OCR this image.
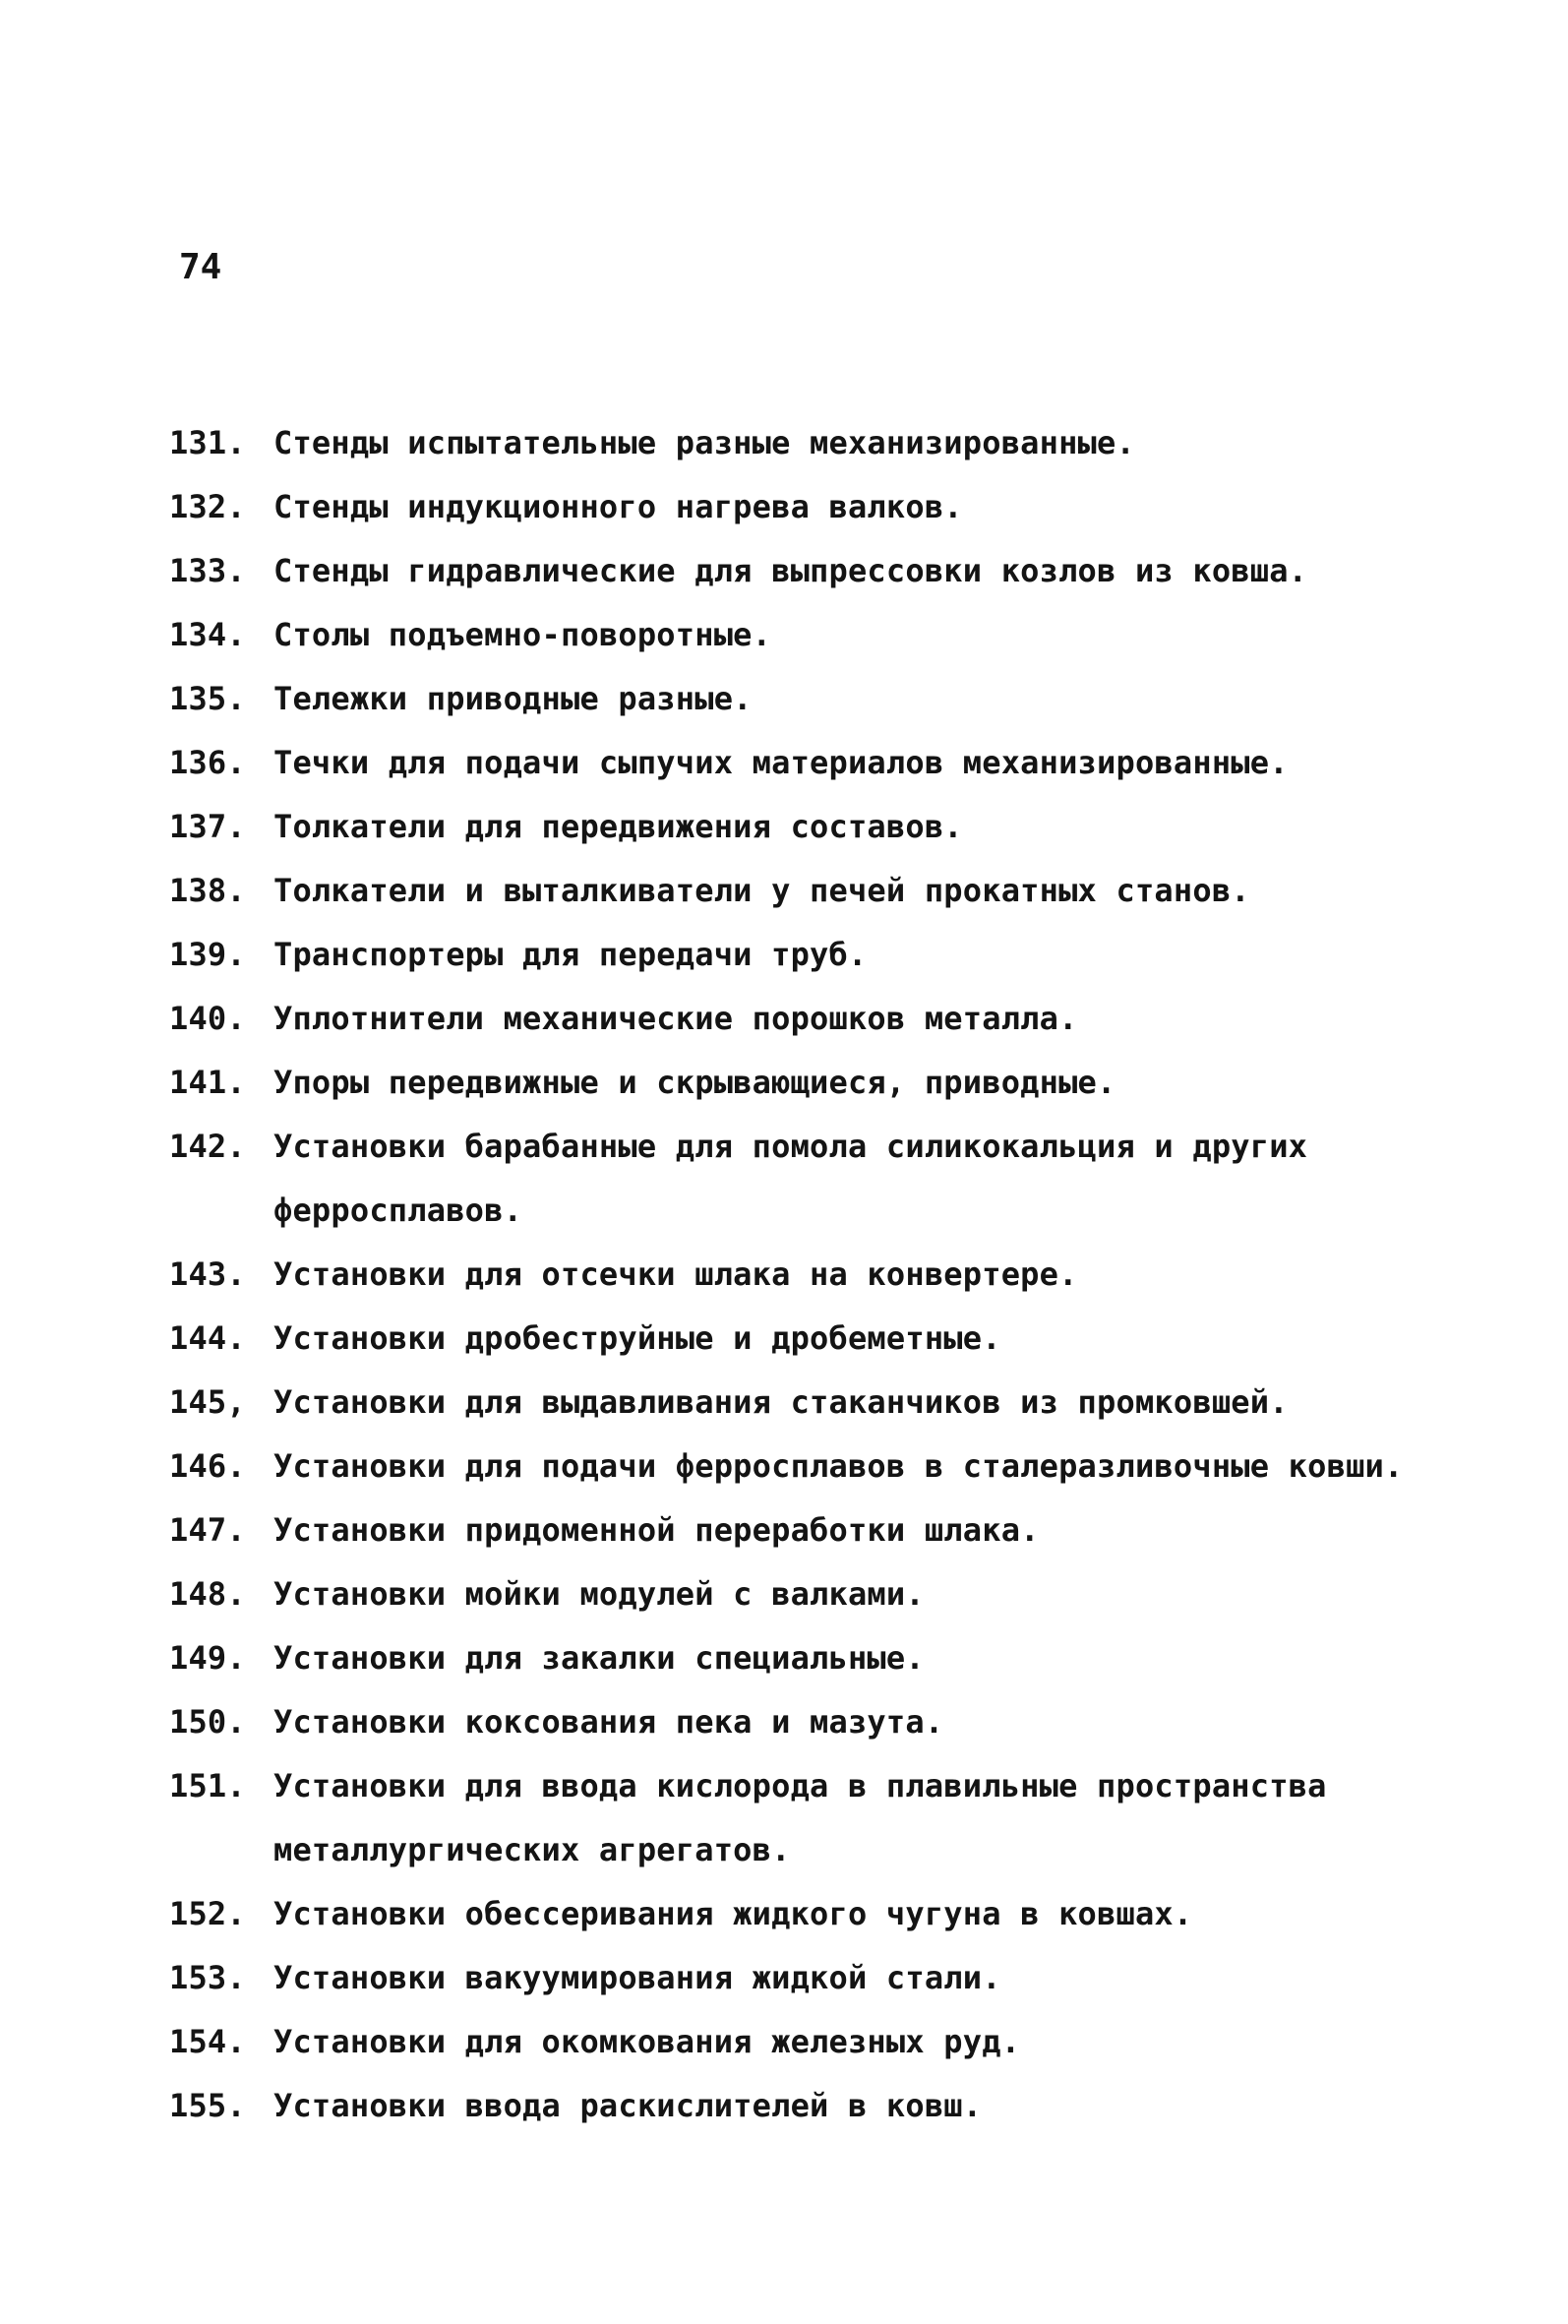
74
131. Стенды испытательные разные механизированные.
132. Стенды индукционного нагрева валков.
133. Стенды гидравлические для выпрессовки козлов из ковша.
134. Столы подъемно-поворотные.
135. Тележки приводные разные.
136. Течки для подачи сыпучих материалов механизированные.
137. Толкатели для передвижения составов.
138. Толкатели и выталкиватели у печей прокатных станов.
139. Транспортеры для передачи труб.
140. Уплотнители механические порошков металла.
141. Упоры передвижные и скрывающиеся, приводные.
142. Установки барабанные для помола силикокальция и других
ферросплавов.
143. Установки для отсечки шлака на конвертере.
144. Установки дробеструйные и дробеметные.
145, Установки для выдавливания стаканчиков из промковшей.
146. Установки для подачи ферросплавов в сталеразливочные ковши.
147. Установки придоменной переработки шлака.
148. Установки мойки модулей с валками.
149. Установки для закалки специальные.
150. Установки коксования пека и мазута.
151. Установки для ввода кислорода в плавильные пространства
металлургических агрегатов.
152. Установки обессеривания жидкого чугуна в ковшах.
153. Установки вакуумирования жидкой стали.
154. Установки для окомкования железных руд.
155. Установки ввода раскислителей в ковш.
